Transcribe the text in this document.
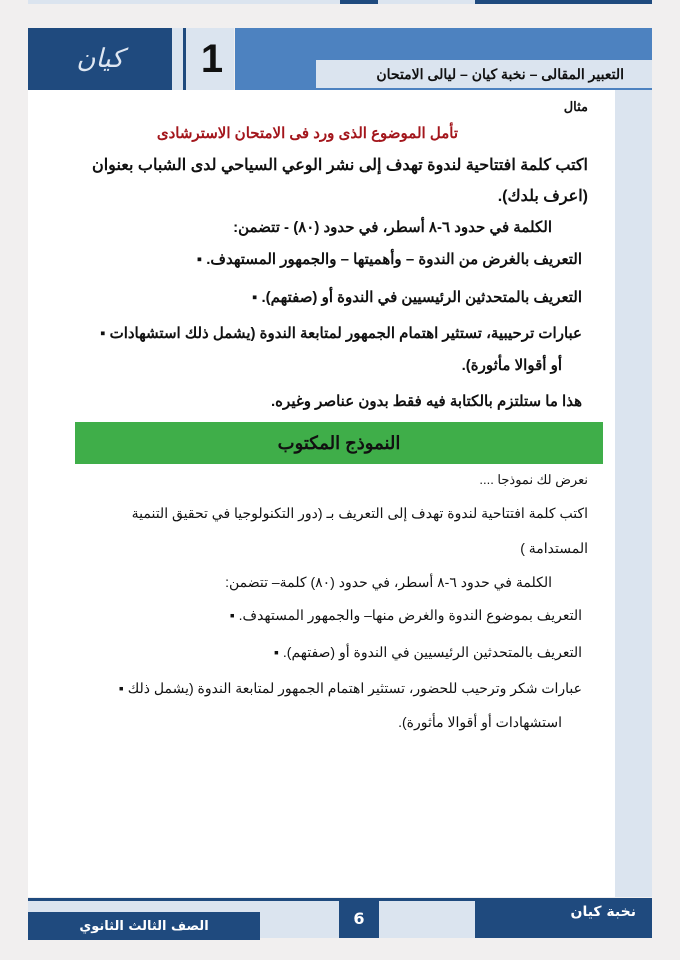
كيان 1	التعبير المقالى – نخبة كيان – ليالى الامتحان
مثال
تأمل الموضوع الذى ورد فى الامتحان الاسترشادى
اكتب كلمة افتتاحية لندوة تهدف إلى نشر الوعي السياحي لدى الشباب بعنوان
(اعرف بلدك).
الكلمة في حدود ٦-٨ أسطر، في حدود (٨٠) - تتضمن:
التعريف بالغرض من الندوة – وأهميتها – والجمهور المستهدف. ▪
التعريف بالمتحدثين الرئيسيين في الندوة أو (صفتهم). ▪
عبارات ترحيبية، تستثير اهتمام الجمهور لمتابعة الندوة (يشمل ذلك استشهادات ▪
أو أقوالا مأثورة).
هذا ما ستلتزم بالكتابة فيه فقط بدون عناصر وغيره.
النموذج المكتوب
نعرض لك نموذجا ....
اكتب كلمة افتتاحية لندوة تهدف إلى التعريف بـ (دور التكنولوجيا في تحقيق التنمية
المستدامة )
الكلمة في حدود ٦-٨ أسطر، في حدود (٨٠) كلمة– تتضمن:
التعريف بموضوع الندوة والغرض منها– والجمهور المستهدف. ▪
التعريف بالمتحدثين الرئيسيين في الندوة أو (صفتهم). ▪
عبارات شكر وترحيب للحضور، تستثير اهتمام الجمهور لمتابعة الندوة (يشمل ذلك ▪
استشهادات أو أقوالا مأثورة).
الصف الثالث الثانوي	6	نخبة كيان
